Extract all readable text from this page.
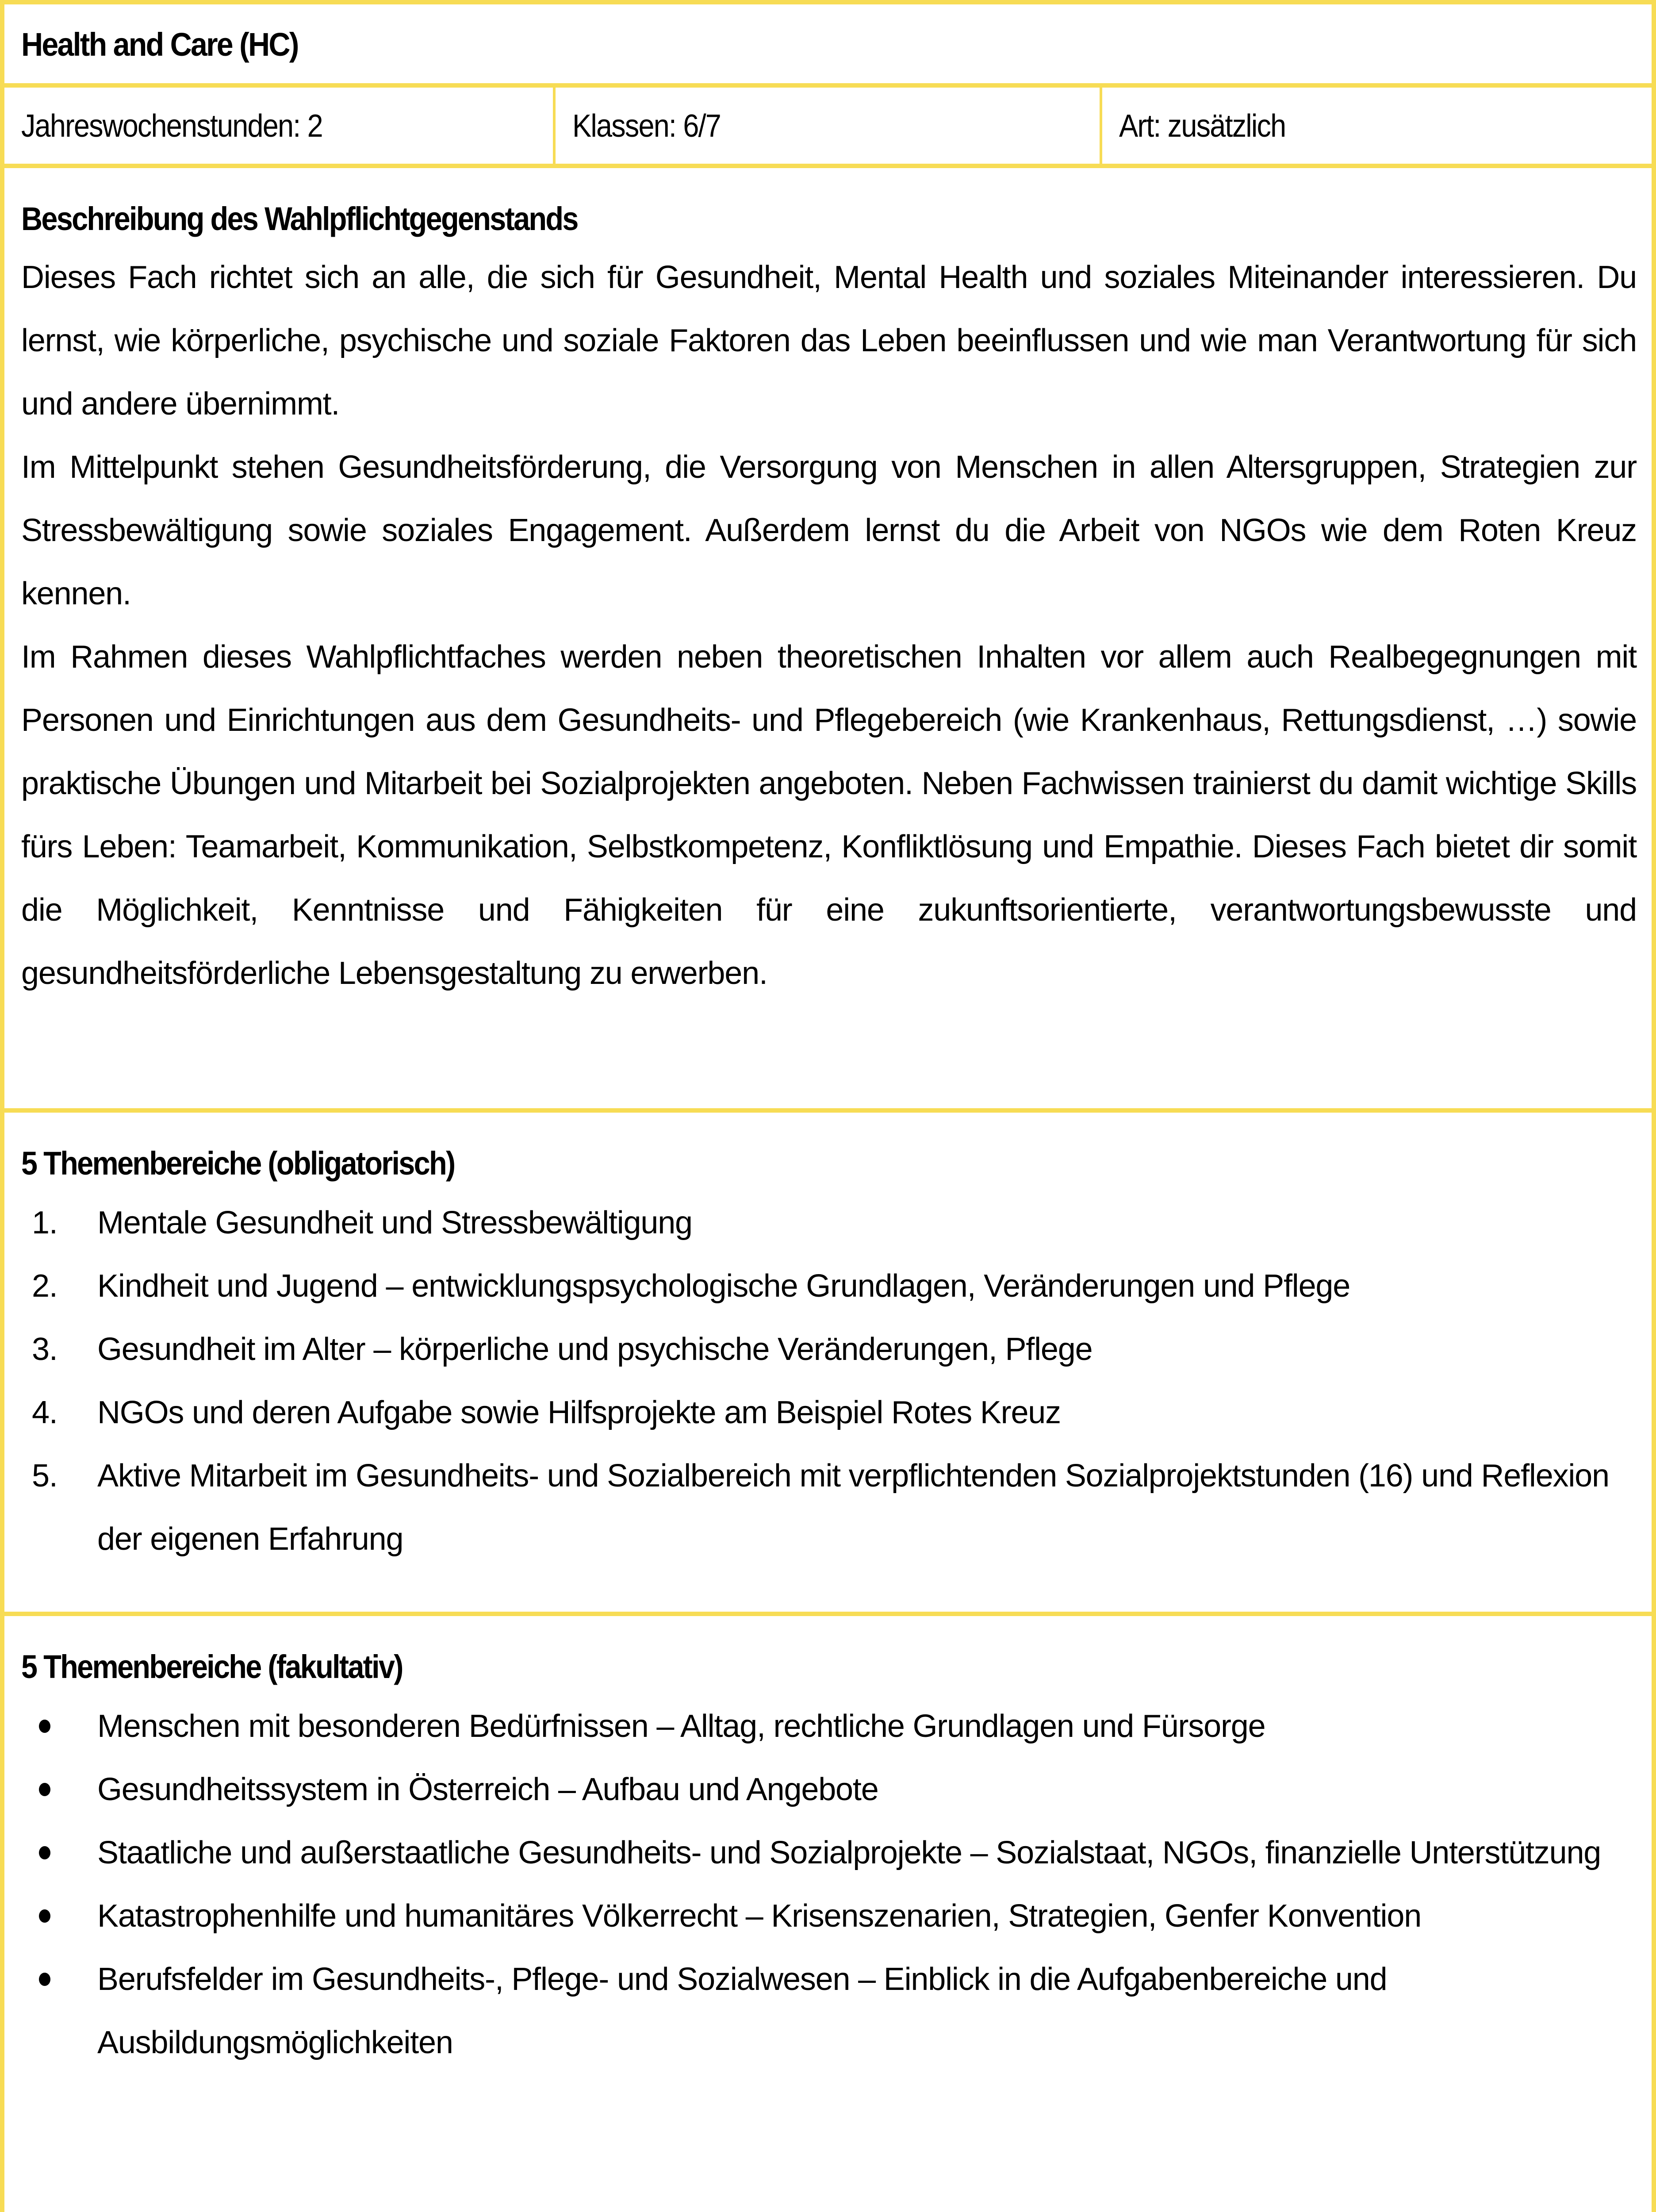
Health and Care (HC)
Jahreswochenstunden: 2	Klassen: 6/7	Art: zusätzlich
Beschreibung des Wahlpflichtgegenstands

Dieses Fach richtet sich an alle, die sich für Gesundheit, Mental Health und soziales Miteinander interessieren. Du lernst, wie körperliche, psychische und soziale Faktoren das Leben beeinflussen und wie man Verantwortung für sich und andere übernimmt.

Im Mittelpunkt stehen Gesundheitsförderung, die Versorgung von Menschen in allen Altersgruppen, Strategien zur Stressbewältigung sowie soziales Engagement. Außerdem lernst du die Arbeit von NGOs wie dem Roten Kreuz kennen.

Im Rahmen dieses Wahlpflichtfaches werden neben theoretischen Inhalten vor allem auch Realbegegnungen mit Personen und Einrichtungen aus dem Gesundheits- und Pflegebereich (wie Krankenhaus, Rettungsdienst, …) sowie praktische Übungen und Mitarbeit bei Sozialprojekten angeboten. Neben Fachwissen trainierst du damit wichtige Skills fürs Leben: Teamarbeit, Kommunikation, Selbstkompetenz, Konfliktlösung und Empathie. Dieses Fach bietet dir somit die Möglichkeit, Kenntnisse und Fähigkeiten für eine zukunftsorientierte, verantwortungsbewusste und gesundheitsförderliche Lebensgestaltung zu erwerben.

5 Themenbereiche (obligatorisch)
1. Mentale Gesundheit und Stressbewältigung
2. Kindheit und Jugend – entwicklungspsychologische Grundlagen, Veränderungen und Pflege
3. Gesundheit im Alter – körperliche und psychische Veränderungen, Pflege
4. NGOs und deren Aufgabe sowie Hilfsprojekte am Beispiel Rotes Kreuz
5. Aktive Mitarbeit im Gesundheits- und Sozialbereich mit verpflichtenden Sozialprojektstunden (16) und Reflexion der eigenen Erfahrung
5 Themenbereiche (fakultativ)
Menschen mit besonderen Bedürfnissen – Alltag, rechtliche Grundlagen und Fürsorge
Gesundheitssystem in Österreich – Aufbau und Angebote
Staatliche und außerstaatliche Gesundheits- und Sozialprojekte – Sozialstaat, NGOs, finanzielle Unterstützung
Katastrophenhilfe und humanitäres Völkerrecht – Krisenszenarien, Strategien, Genfer Konvention
Berufsfelder im Gesundheits-, Pflege- und Sozialwesen – Einblick in die Aufgabenbereiche und Ausbildungsmöglichkeiten
